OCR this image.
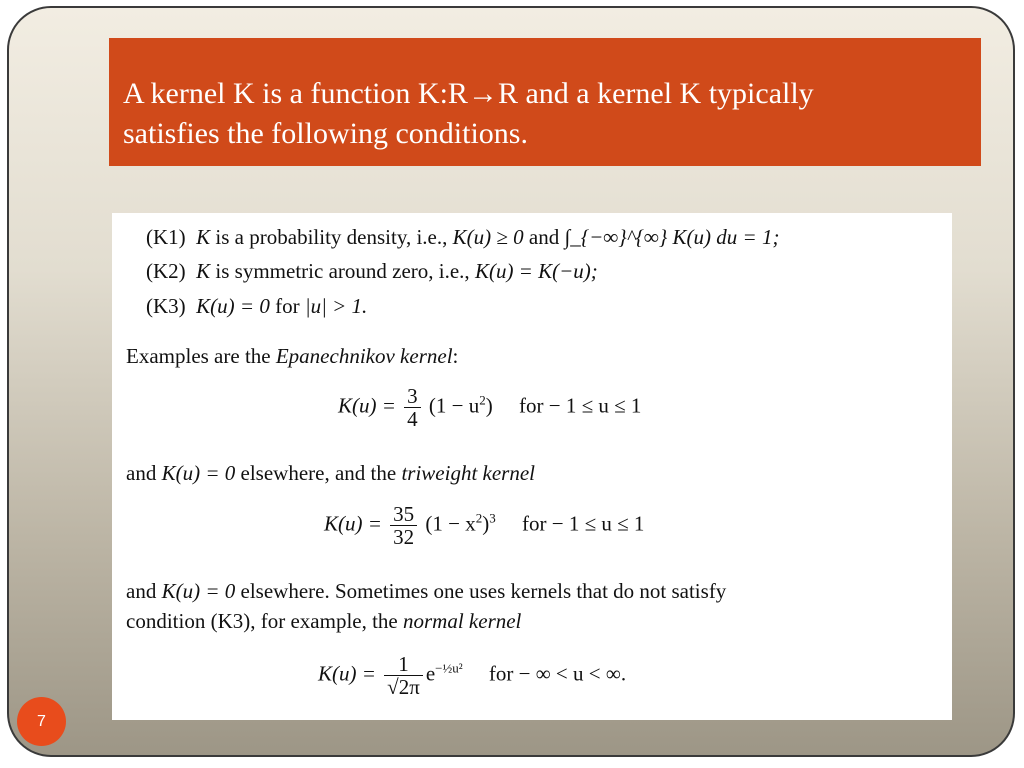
A kernel K is a function K:R→R and a kernel K typically
satisfies the following conditions.
(K1) K is a probability density, i.e., K(u) ≥ 0 and ∫_{−∞}^{∞} K(u) du = 1;
(K2) K is symmetric around zero, i.e., K(u) = K(−u);
(K3) K(u) = 0 for |u| > 1.
Examples are the Epanechnikov kernel:
$K(u) = \frac{3}{4} (1 - u^2)$ for − 1 ≤ u ≤ 1
and K(u) = 0 elsewhere, and the triweight kernel
$K(u) = \frac{35}{32} (1 - x^2)^3$ for − 1 ≤ u ≤ 1
and K(u) = 0 elsewhere. Sometimes one uses kernels that do not satisfy
condition (K3), for example, the normal kernel
$K(u) = \frac{1}{√2\pi} e^{-\frac{1}{2}u^2}$ for − ∞ < u < ∞.
7
